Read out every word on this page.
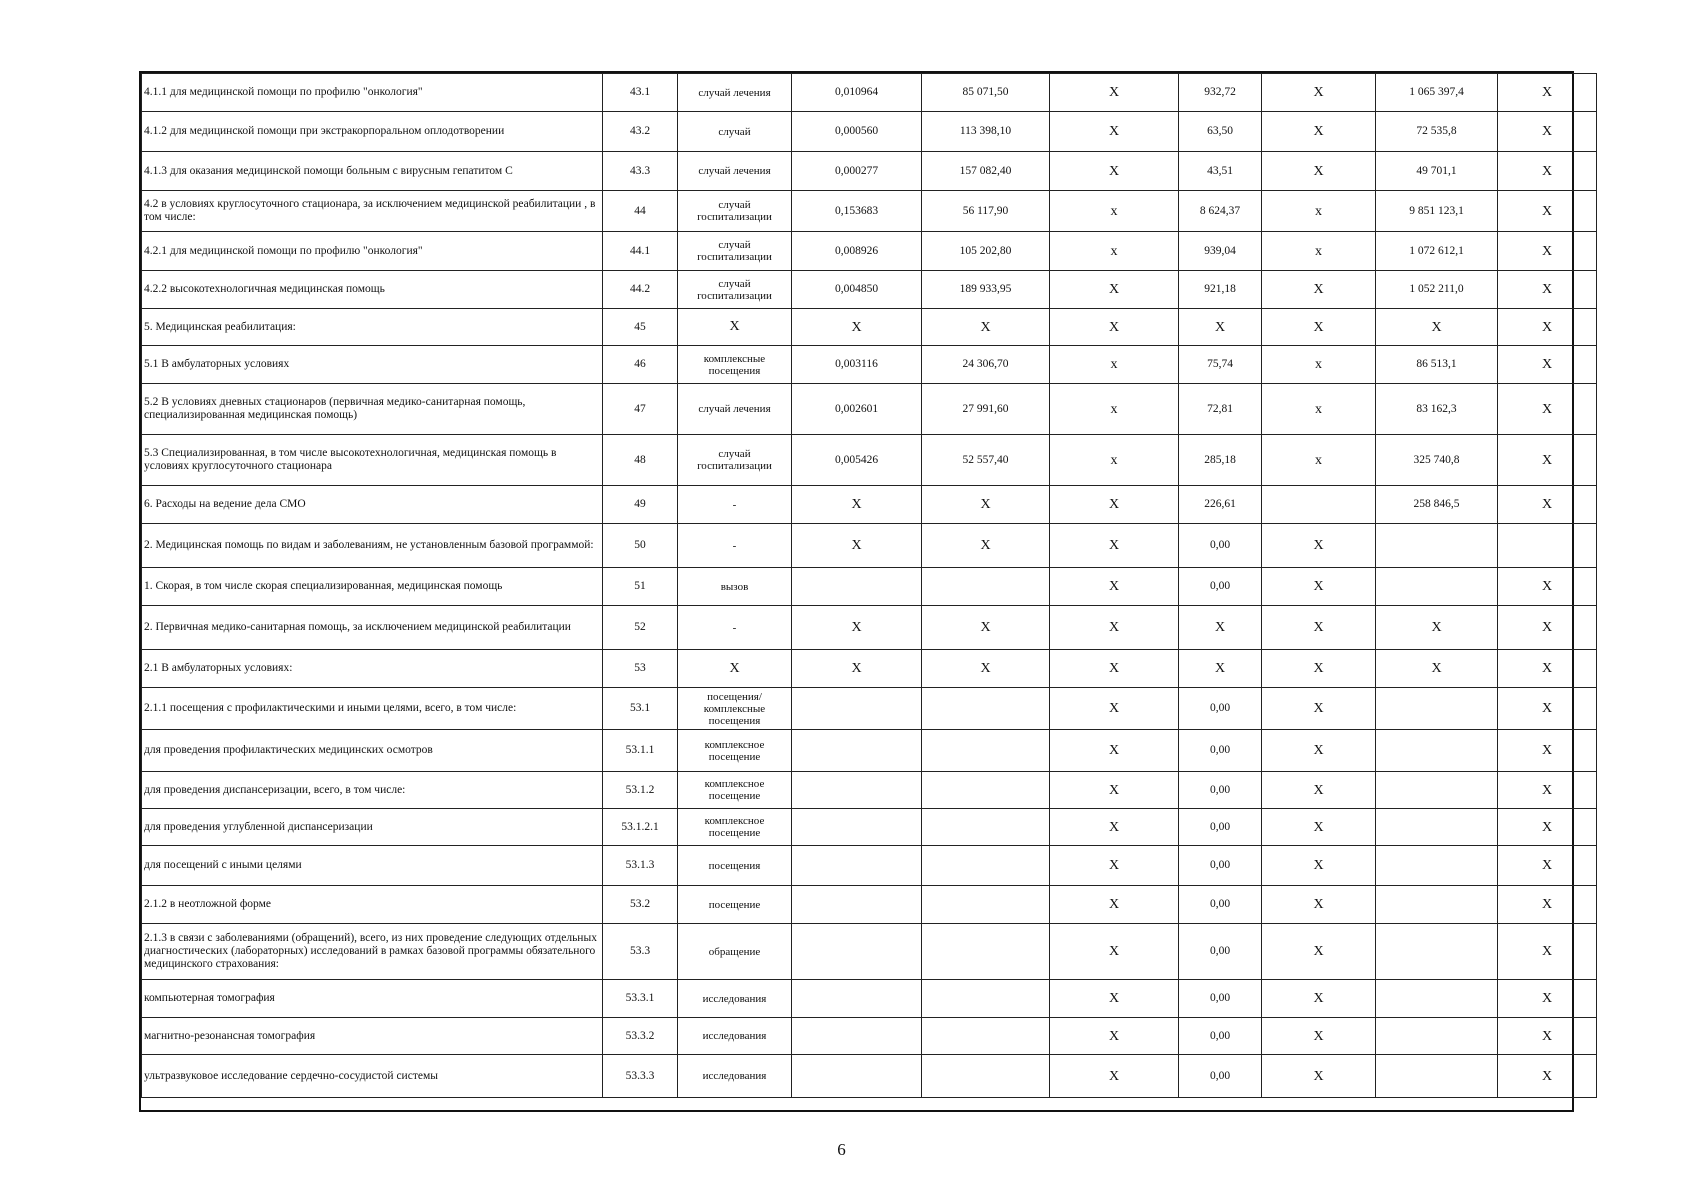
4.1.1 для медицинской помощи по профилю "онкология"	43.1	случай лечения	0,010964	85 071,50	X	932,72	X	1 065 397,4	X
4.1.2 для медицинской помощи при экстракорпоральном оплодотворении	43.2	случай	0,000560	113 398,10	X	63,50	X	72 535,8	X
4.1.3 для оказания медицинской помощи больным с вирусным гепатитом С	43.3	случай лечения	0,000277	157 082,40	X	43,51	X	49 701,1	X
4.2 в условиях круглосуточного стационара, за исключением медицинской реабилитации , в том числе:	44	случай госпитализации	0,153683	56 117,90	x	8 624,37	x	9 851 123,1	X
4.2.1 для медицинской помощи по профилю "онкология"	44.1	случай госпитализации	0,008926	105 202,80	x	939,04	x	1 072 612,1	X
4.2.2 высокотехнологичная медицинская помощь	44.2	случай госпитализации	0,004850	189 933,95	X	921,18	X	1 052 211,0	X
5. Медицинская реабилитация:	45	X	X	X	X	X	X	X	X
5.1 В амбулаторных условиях	46	комплексные посещения	0,003116	24 306,70	x	75,74	x	86 513,1	X
5.2 В условиях дневных стационаров (первичная медико-санитарная помощь, специализированная медицинская помощь)	47	случай лечения	0,002601	27 991,60	x	72,81	x	83 162,3	X
5.3 Специализированная, в том числе высокотехнологичная, медицинская помощь в условиях круглосуточного стационара	48	случай госпитализации	0,005426	52 557,40	x	285,18	x	325 740,8	X
6. Расходы на ведение дела СМО	49	-	X	X	X	226,61		258 846,5	X
2. Медицинская помощь по видам и заболеваниям, не установленным базовой программой:	50	-	X	X	X	0,00	X		
1. Скорая, в том числе скорая специализированная, медицинская помощь	51	вызов			X	0,00	X		X
2. Первичная медико-санитарная помощь, за исключением медицинской реабилитации	52	-	X	X	X	X	X	X	X
2.1 В амбулаторных условиях:	53	X	X	X	X	X	X	X	X
2.1.1 посещения с профилактическими и иными целями, всего, в том числе:	53.1	посещения/комплексные посещения			X	0,00	X		X
для проведения профилактических медицинских осмотров	53.1.1	комплексное посещение			X	0,00	X		X
для проведения диспансеризации, всего, в том числе:	53.1.2	комплексное посещение			X	0,00	X		X
для проведения углубленной диспансеризации	53.1.2.1	комплексное посещение			X	0,00	X		X
для посещений с иными целями	53.1.3	посещения			X	0,00	X		X
2.1.2 в неотложной форме	53.2	посещение			X	0,00	X		X
2.1.3 в связи с заболеваниями (обращений), всего, из них проведение следующих отдельных диагностических (лабораторных) исследований в рамках базовой программы обязательного медицинского страхования:	53.3	обращение			X	0,00	X		X
компьютерная томография	53.3.1	исследования			X	0,00	X		X
магнитно-резонансная томография	53.3.2	исследования			X	0,00	X		X
ультразвуковое исследование сердечно-сосудистой системы	53.3.3	исследования			X	0,00	X		X
6
